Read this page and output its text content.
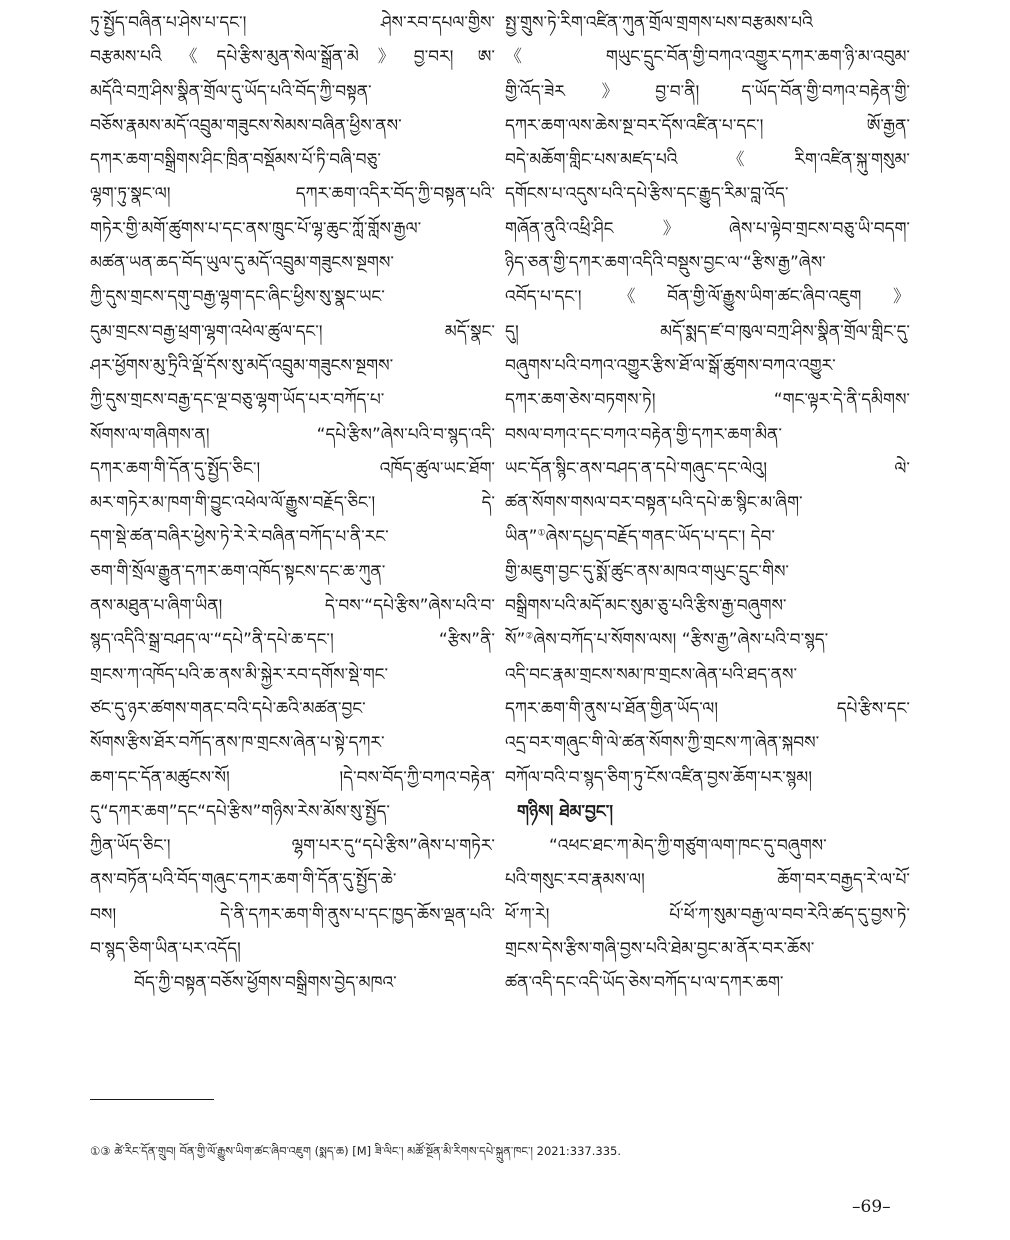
ཏུ་སྤྱོད་བཞིན་པ་ཤེས་པ་དང་། ཤེས་རབ་དཔལ་གྱིས་
བརྩམས་པའི《དཔེ་རྩིས་མུན་སེལ་སྒྲོན་མེ》བྱ་བར། ཨ་
མདོའི་བཀྲ་ཤིས་སྣིན་གྲོལ་དུ་ཡོད་པའི་བོད་ཀྱི་བསྟན་
བཅོས་རྣམས་མདོ་འབྲུམ་གཟུངས་སེམས་བཞིན་ཕྱིས་ནས་
དཀར་ཆག་བསྒྲིགས་ཤིང་ཁྲིན་བསྡོམས་པོ་ཏི་བཞི་བཅུ་
ལྷག་ཏུ་སྣང་ལ། དཀར་ཆག་འདིར་བོད་ཀྱི་བསྟན་པའི་
གཏེར་གྱི་མགོ་ཚུགས་པ་དང་ནས་ཁྲུང་པོ་ལྷ་ཆུང་ཀློ་གློས་རྒྱལ་
མཚན་ཡན་ཆད་བོད་ཡུལ་དུ་མདོ་འབྲུམ་གཟུངས་སྔགས་
ཀྱི་དུས་གྲངས་དགུ་བརྒྱ་ལྷག་དང་ཞིང་ཕྱིས་སུ་སྣང་ཡང་
དུམ་གྲངས་བརྒྱ་ཕྲག་ལྷག་འཕེལ་ཚུལ་དང་། མདོ་སྣང་
ཤར་ཕྱོགས་མུ་ཏྲིའི་ལྡོ་དོས་སུ་མདོ་འབྲུམ་གཟུངས་སྔགས་
ཀྱི་དུས་གྲངས་བརྒྱ་དང་ལྔ་བཅུ་ལྷག་ཡོད་པར་བཀོད་པ་
སོགས་ལ་གཞིགས་ན། “དཔེ་རྩིས”ཞེས་པའི་བ་སྙད་འདི་
དཀར་ཆག་གི་དོན་དུ་སྤྱོད་ཅིང་། འཁོད་ཚུལ་ཡང་ཐོག་
མར་གཏེར་མ་ཁག་གི་བྱུང་འཕེལ་ལོ་རྒྱུས་བརྗོད་ཅིང་། དེ་
དག་སྡེ་ཚན་བཞིར་ཕྱེས་ཏེ་རེ་རེ་བཞིན་བཀོད་པ་ནི་རང་
ཅག་གི་སྲོལ་རྒྱུན་དཀར་ཆག་འཁོད་སྟངས་དང་ཆ་ཀུན་
ནས་མཐུན་པ་ཞིག་ཡིན། དེ་བས་“དཔེ་རྩིས”ཞེས་པའི་བ་
སྙད་འདིའི་སྒྲ་བཤད་ལ་“དཔེ”ནི་དཔེ་ཆ་དང་། “རྩིས”ནི་
གྲངས་ཀ་འཁོད་པའི་ཆ་ནས་མི་སྐྱེར་རབ་དགོས་སྡེ་གང་
ཙང་དུ་ཉར་ཚགས་གནང་བའི་དཔེ་ཆའི་མཚན་བྱང་
སོགས་རྩིས་ཐོར་བཀོད་ནས་ཁ་གྲངས་ཞེན་པ་སྟེ་དཀར་
ཆག་དང་དོན་མཚུངས་སོ། །དེ་བས་བོད་ཀྱི་བཀའ་བརྟེན་
དུ“དཀར་ཆག”དང“དཔེ་རྩིས”གཉིས་རེས་མོས་སུ་སྤྱོད་
ཀྱིན་ཡོད་ཅིང་། ལྷག་པར་དུ“དཔེ་རྩིས”ཞེས་པ་གཏེར་
ནས་བཏོན་པའི་བོད་གཞུང་དཀར་ཆག་གི་དོན་དུ་སྤྱོད་ཆེ་
བས། དེ་ནི་དཀར་ཆག་གི་ནུས་པ་དང་ཁྱད་ཆོས་ལྡན་པའི་
བ་སྙད་ཅིག་ཡིན་པར་འདོད།
བོད་ཀྱི་བསྟན་བཅོས་ཕྱོགས་བསྒྲིགས་བྱེད་མཁའ་
སྤྱ་གྲུས་ཏེ་རིག་འཛིན་ཀུན་གྲོལ་གྲགས་པས་བརྩམས་པའི
《གཡུང་དྲུང་བོན་གྱི་བཀའ་འགྱུར་དཀར་ཆག་ཉི་མ་འབུམ་
གྱི་འོད་ཟེར》བྱ་བ་ནི། ད་ཡོད་བོན་གྱི་བཀའ་བརྟེན་གྱི་
དཀར་ཆག་ལས་ཆེས་སྔ་བར་དོས་འཛིན་པ་དང་། ཨོ་རྒྱན་
བདེ་མཆོག་གླིང་པས་མཛད་པའི《རིག་འཛིན་སྐུ་གསུམ་
དགོངས་པ་འདུས་པའི་དཔེ་རྩིས་དང་རྒྱུད་རིམ་བླ་འོད་
གཞོན་ནུའི་འཕྲི་ཤིང》ཞེས་པ་ལྟེབ་གྲངས་བཅུ་ཡི་བདག་
ཉིད་ཅན་གྱི་དཀར་ཆག་འདིའི་བསྡུས་བྱང་ལ་“རྩིས་རྒྱ”ཞེས་
འབོད་པ་དང་། 《བོན་གྱི་ལོ་རྒྱུས་ཡིག་ཚང་ཞིབ་འཇུག》
དུ། མདོ་སྨད་ཛ་བ་ཁུལ་བཀྲ་ཤིས་སྣིན་གྲོལ་གླིང་དུ་
བཞུགས་པའི་བཀའ་འགྱུར་རྩིས་ཐོ་ལ་སྒོ་ཚུགས་བཀའ་འགྱུར་
དཀར་ཆག་ཅེས་བཏགས་ཏེ། “གང་ལྟར་དེ་ནི་དམིགས་
བསལ་བཀའ་དང་བཀའ་བརྟེན་གྱི་དཀར་ཆག་མིན་
ཡང་དོན་སྙིང་ནས་བཤད་ན་དཔེ་གཞུང་དང་ལེའུ། ལེ་
ཚན་སོགས་གསལ་བར་བསྟན་པའི་དཔེ་ཆ་སྙིང་མ་ཞིག་
ཡིན”①ཞེས་དཔྱད་བརྗོད་གནང་ཡོད་པ་དང་། དེབ་
གྱི་མཇུག་བྱང་དུ་སྨོ་ཚུང་ནས་མཁའ་གཡུང་དྲུང་གིས་
བསྒྲིགས་པའི་མདོ་མང་སུམ་ཅུ་པའི་རྩིས་རྒྱ་བཞུགས་
སོ”②ཞེས་བཀོད་པ་སོགས་ལས། “རྩིས་རྒྱ”ཞེས་པའི་བ་སྙད་
འདི་བང་རྣམ་གྲངས་སམ་ཁ་གྲངས་ཞེན་པའི་ཐད་ནས་
དཀར་ཆག་གི་ནུས་པ་ཐོན་གྱིན་ཡོད་ལ། དཔེ་རྩིས་དང་
འདྲ་བར་གཞུང་གི་ལེ་ཚན་སོགས་ཀྱི་གྲངས་ཀ་ཞེན་སྐབས་
བཀོལ་བའི་བ་སྙད་ཅིག་ཏུ་ངོས་འཛིན་བྱས་ཆོག་པར་སྙམ།
གཉིས། ཐེམ་བྱང་།
“འཕང་ཐང་ཀ་མེད་ཀྱི་གཙུག་ལག་ཁང་དུ་བཞུགས་
པའི་གསུང་རབ་རྣམས་ལ། ཆོག་བར་བརྒྱད་རེ་ལ་པོ་
ཕོ་ཀ་རེ། པོ་ཕོ་ཀ་སུམ་བརྒྱ་ལ་བབ་རེའི་ཚད་དུ་བྱས་ཏེ་
གྲངས་དེས་རྩིས་གཞི་བྱས་པའི་ཐེམ་བྱང་མ་ནོར་བར་ཆོས་
ཚན་འདི་དང་འདི་ཡོད་ཅེས་བཀོད་པ་ལ་དཀར་ཆག་
①③ ཚེ་རིང་དོན་གྲུབ། བོན་གྱི་ལོ་རྒྱུས་ཡིག་ཚང་ཞིབ་འཇུག (སྨད་ཆ) [M] ཟི་ལིང་། མཚོ་སྔོན་མི་རིགས་དཔེ་སྐྲུན་ཁང་། 2021:337.335.
–69–
